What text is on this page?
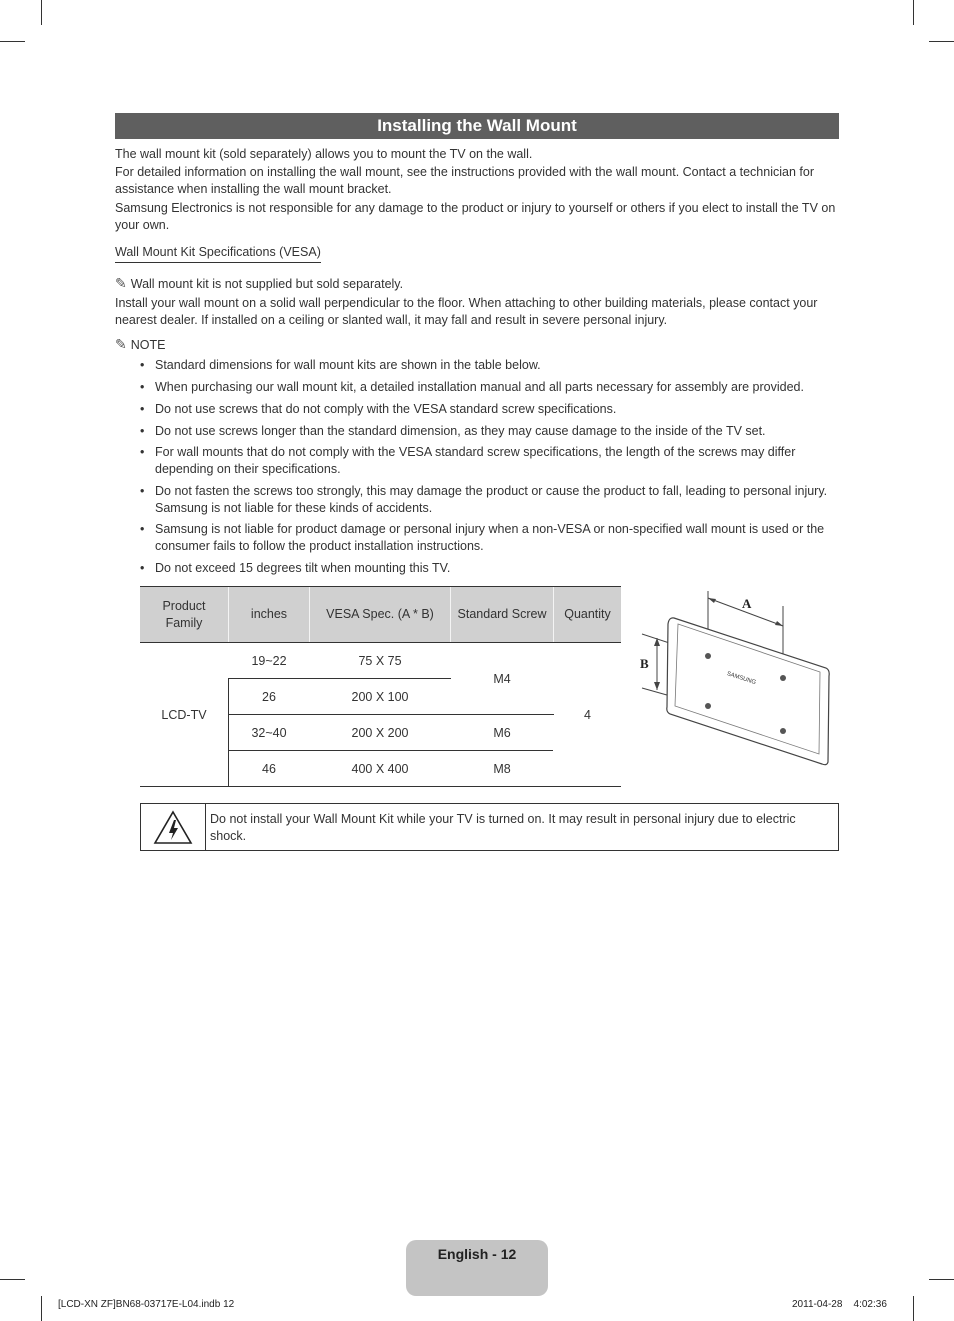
Installing the Wall Mount
The wall mount kit (sold separately) allows you to mount the TV on the wall.
For detailed information on installing the wall mount, see the instructions provided with the wall mount. Contact a technician for assistance when installing the wall mount bracket.
Samsung Electronics is not responsible for any damage to the product or injury to yourself or others if you elect to install the TV on your own.
Wall Mount Kit Specifications (VESA)
✎ Wall mount kit is not supplied but sold separately.
Install your wall mount on a solid wall perpendicular to the floor. When attaching to other building materials, please contact your nearest dealer. If installed on a ceiling or slanted wall, it may fall and result in severe personal injury.
✎ NOTE
• Standard dimensions for wall mount kits are shown in the table below.
• When purchasing our wall mount kit, a detailed installation manual and all parts necessary for assembly are provided.
• Do not use screws that do not comply with the VESA standard screw specifications.
• Do not use screws longer than the standard dimension, as they may cause damage to the inside of the TV set.
• For wall mounts that do not comply with the VESA standard screw specifications, the length of the screws may differ depending on their specifications.
• Do not fasten the screws too strongly, this may damage the product or cause the product to fall, leading to personal injury. Samsung is not liable for these kinds of accidents.
• Samsung is not liable for product damage or personal injury when a non-VESA or non-specified wall mount is used or the consumer fails to follow the product installation instructions.
• Do not exceed 15 degrees tilt when mounting this TV.
Product Family	inches	VESA Spec. (A * B)	Standard Screw	Quantity
LCD-TV	19~22	75 X 75	M4	4
	26	200 X 100		
	32~40	200 X 200	M6	
	46	400 X 400	M8	
A
B
SAMSUNG
Do not install your Wall Mount Kit while your TV is turned on. It may result in personal injury due to electric shock.
English - 12
[LCD-XN ZF]BN68-03717E-L04.indb 12	2011-04-28    4:02:36
